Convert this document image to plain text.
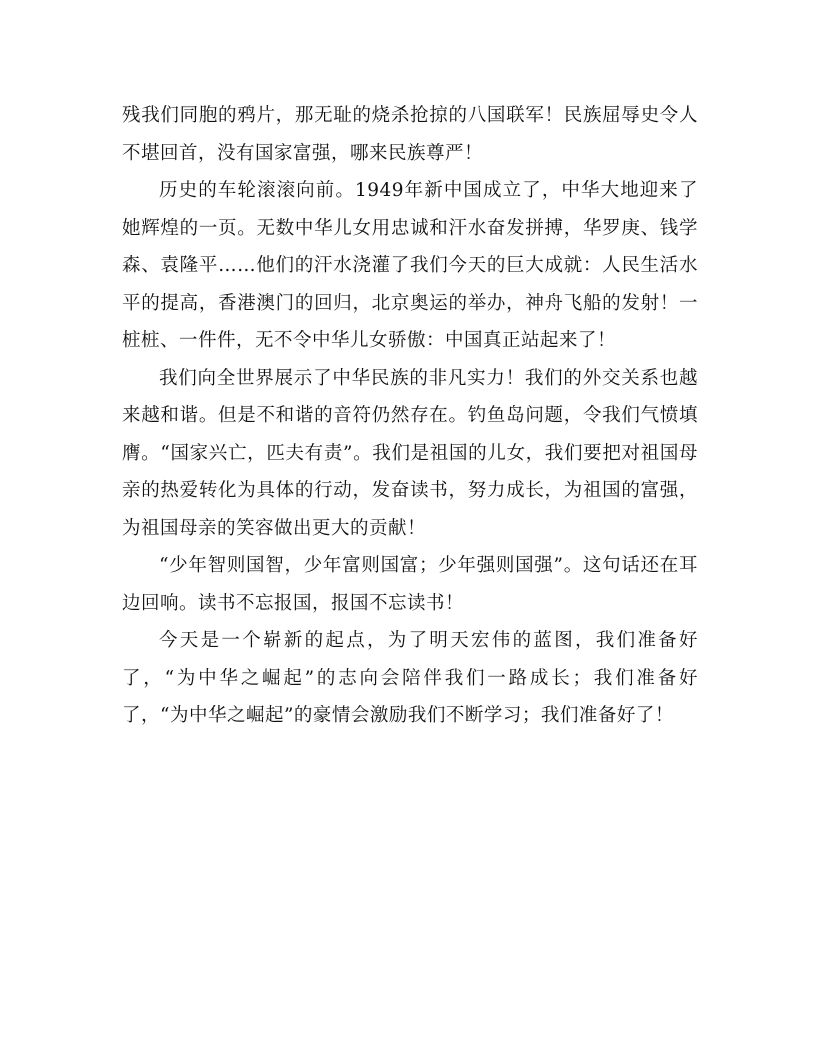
残我们同胞的鸦片，那无耻的烧杀抢掠的八国联军！民族屈辱史令人不堪回首，没有国家富强，哪来民族尊严！

历史的车轮滚滚向前。1949年新中国成立了，中华大地迎来了她辉煌的一页。无数中华儿女用忠诚和汗水奋发拼搏，华罗庚、钱学森、袁隆平……他们的汗水浇灌了我们今天的巨大成就：人民生活水平的提高，香港澳门的回归，北京奥运的举办，神舟飞船的发射！一桩桩、一件件，无不令中华儿女骄傲：中国真正站起来了！

我们向全世界展示了中华民族的非凡实力！我们的外交关系也越来越和谐。但是不和谐的音符仍然存在。钓鱼岛问题，令我们气愤填膺。“国家兴亡，匹夫有责”。我们是祖国的儿女，我们要把对祖国母亲的热爱转化为具体的行动，发奋读书，努力成长，为祖国的富强，为祖国母亲的笑容做出更大的贡献！

“少年智则国智，少年富则国富；少年强则国强”。这句话还在耳边回响。读书不忘报国，报国不忘读书！

今天是一个崭新的起点，为了明天宏伟的蓝图，我们准备好了，“为中华之崛起”的志向会陪伴我们一路成长；我们准备好了，“为中华之崛起”的豪情会激励我们不断学习；我们准备好了！
